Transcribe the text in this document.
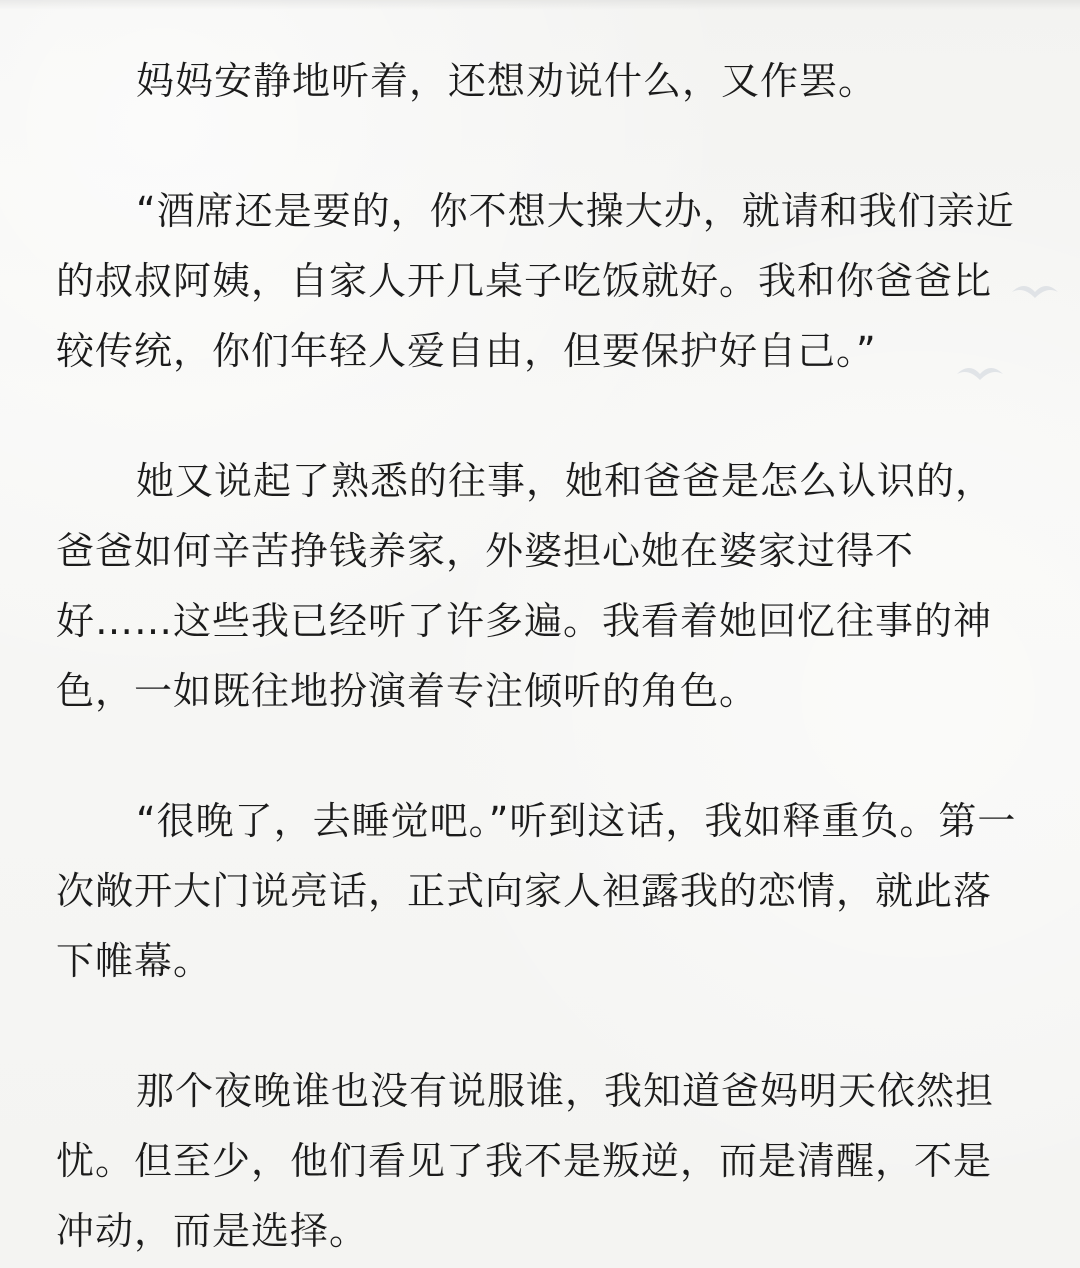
妈妈安静地听着，还想劝说什么，又作罢。

“酒席还是要的，你不想大操大办，就请和我们亲近的叔叔阿姨，自家人开几桌子吃饭就好。我和你爸爸比较传统，你们年轻人爱自由，但要保护好自己。”

她又说起了熟悉的往事，她和爸爸是怎么认识的，爸爸如何辛苦挣钱养家，外婆担心她在婆家过得不好……这些我已经听了许多遍。我看着她回忆往事的神色，一如既往地扮演着专注倾听的角色。

“很晚了，去睡觉吧。”听到这话，我如释重负。第一次敞开大门说亮话，正式向家人袒露我的恋情，就此落下帷幕。

那个夜晚谁也没有说服谁，我知道爸妈明天依然担忧。但至少，他们看见了我不是叛逆，而是清醒，不是冲动，而是选择。
